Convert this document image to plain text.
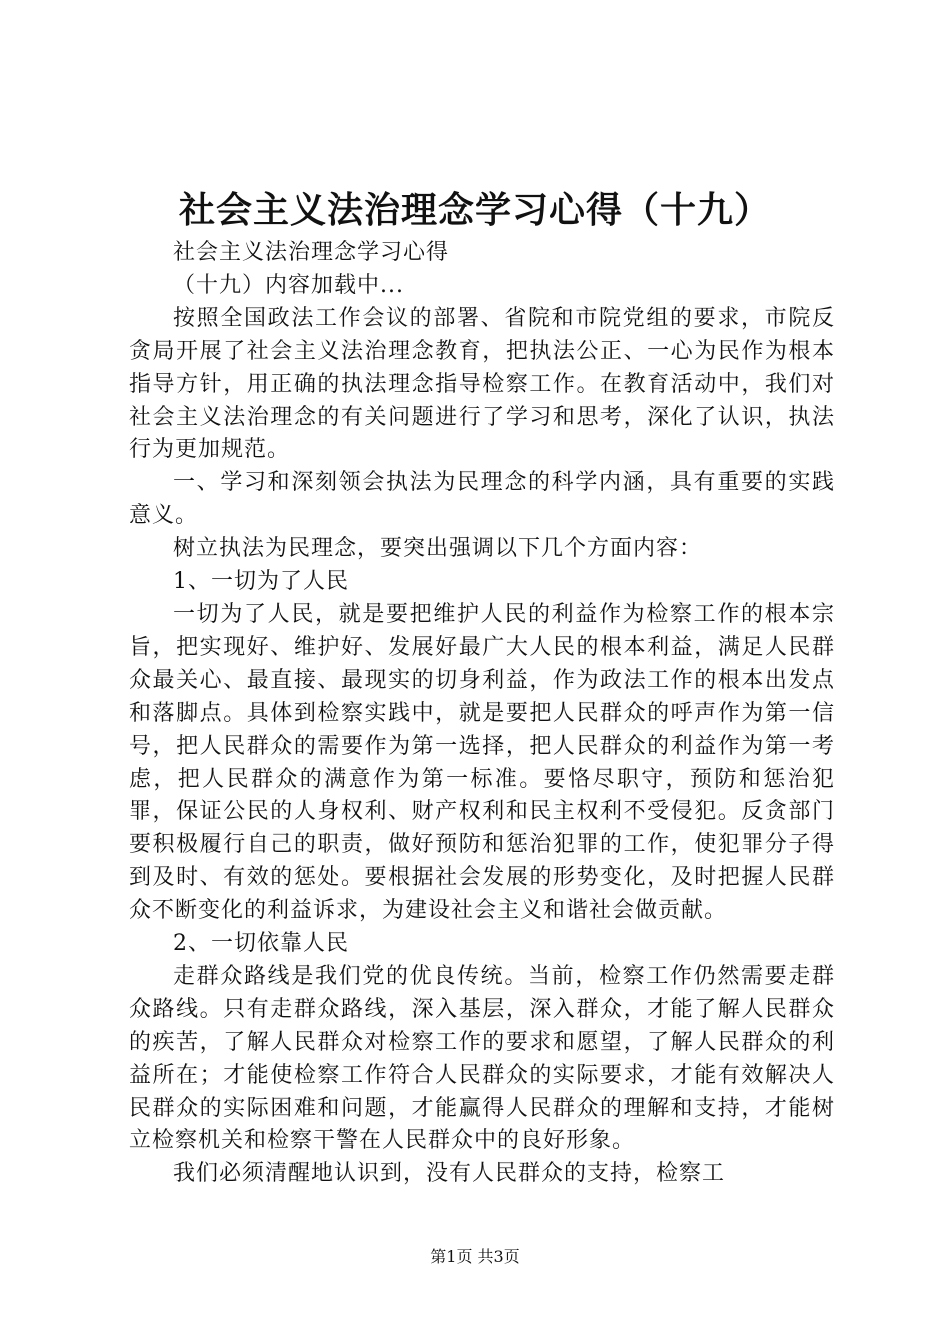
社会主义法治理念学习心得（十九）

社会主义法治理念学习心得

（十九）内容加载中...

按照全国政法工作会议的部署、省院和市院党组的要求，市院反贪局开展了社会主义法治理念教育，把执法公正、一心为民作为根本指导方针，用正确的执法理念指导检察工作。在教育活动中，我们对社会主义法治理念的有关问题进行了学习和思考，深化了认识，执法行为更加规范。

一、学习和深刻领会执法为民理念的科学内涵，具有重要的实践意义。

树立执法为民理念，要突出强调以下几个方面内容：

1、一切为了人民

一切为了人民，就是要把维护人民的利益作为检察工作的根本宗旨，把实现好、维护好、发展好最广大人民的根本利益，满足人民群众最关心、最直接、最现实的切身利益，作为政法工作的根本出发点和落脚点。具体到检察实践中，就是要把人民群众的呼声作为第一信号，把人民群众的需要作为第一选择，把人民群众的利益作为第一考虑，把人民群众的满意作为第一标准。要恪尽职守，预防和惩治犯罪，保证公民的人身权利、财产权利和民主权利不受侵犯。反贪部门要积极履行自己的职责，做好预防和惩治犯罪的工作，使犯罪分子得到及时、有效的惩处。要根据社会发展的形势变化，及时把握人民群众不断变化的利益诉求，为建设社会主义和谐社会做贡献。

2、一切依靠人民

走群众路线是我们党的优良传统。当前，检察工作仍然需要走群众路线。只有走群众路线，深入基层，深入群众，才能了解人民群众的疾苦，了解人民群众对检察工作的要求和愿望，了解人民群众的利益所在；才能使检察工作符合人民群众的实际要求，才能有效解决人民群众的实际困难和问题，才能赢得人民群众的理解和支持，才能树立检察机关和检察干警在人民群众中的良好形象。

我们必须清醒地认识到，没有人民群众的支持，检察工

第1页 共3页
